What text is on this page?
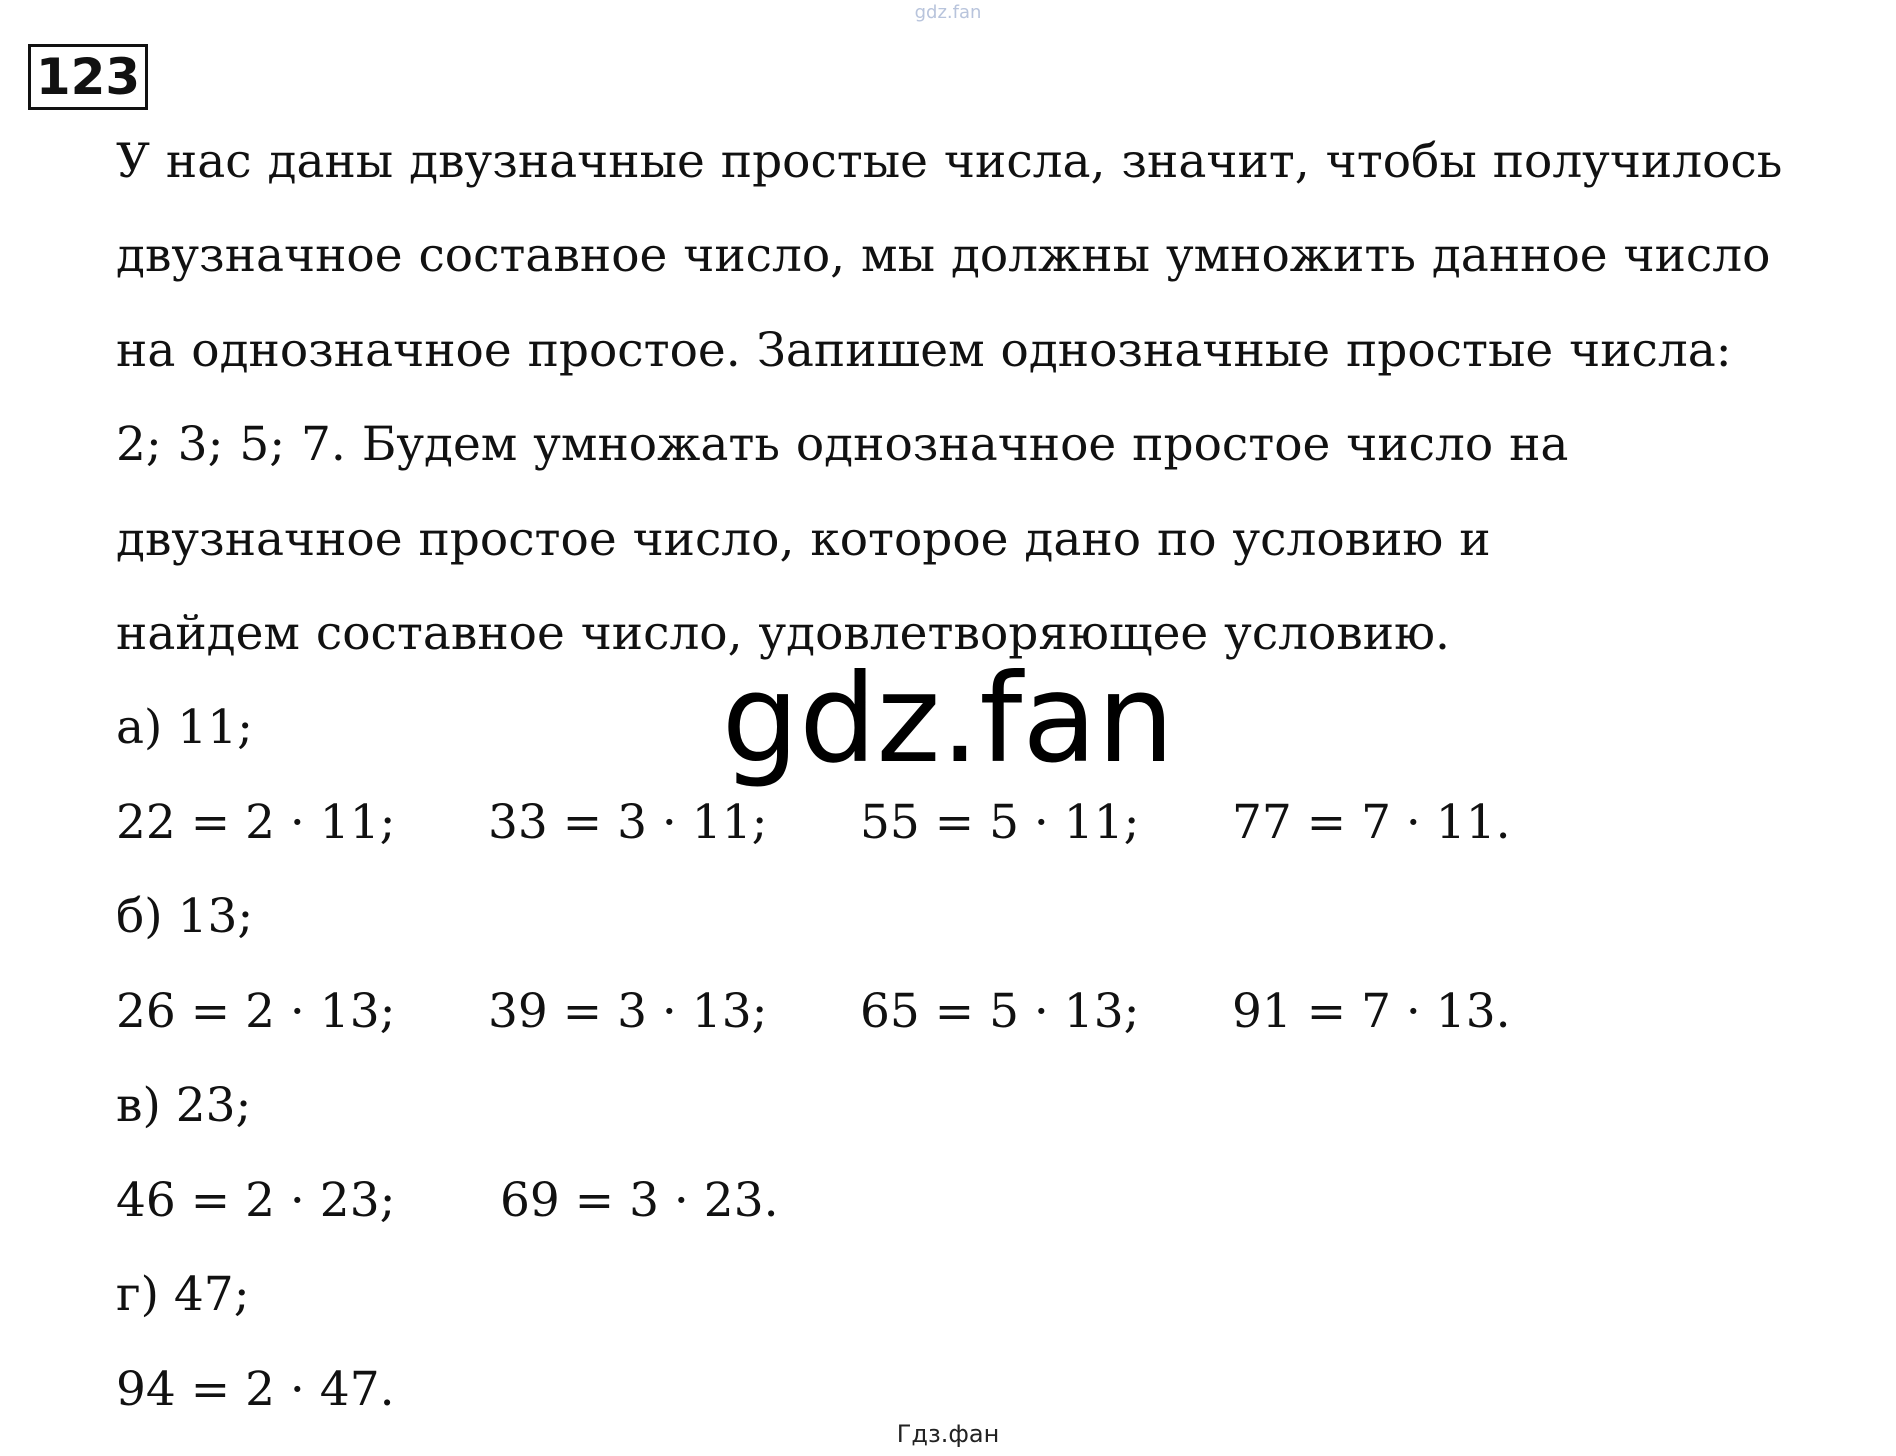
gdz.fan
123
У нас даны двузначные простые числа, значит, чтобы получилось
двузначное составное число, мы должны умножить данное число
на однозначное простое. Запишем однозначные простые числа:
2; 3; 5; 7. Будем умножать однозначное простое число на
двузначное простое число, которое дано по условию и
найдем составное число, удовлетворяющее условию.
а) 11;
22 = 2 · 11; 33 = 3 · 11; 55 = 5 · 11; 77 = 7 · 11.
б) 13;
26 = 2 · 13; 39 = 3 · 13; 65 = 5 · 13; 91 = 7 · 13.
в) 23;
46 = 2 · 23; 69 = 3 · 23.
г) 47;
94 = 2 · 47.
gdz.fan
Гдз.фан
